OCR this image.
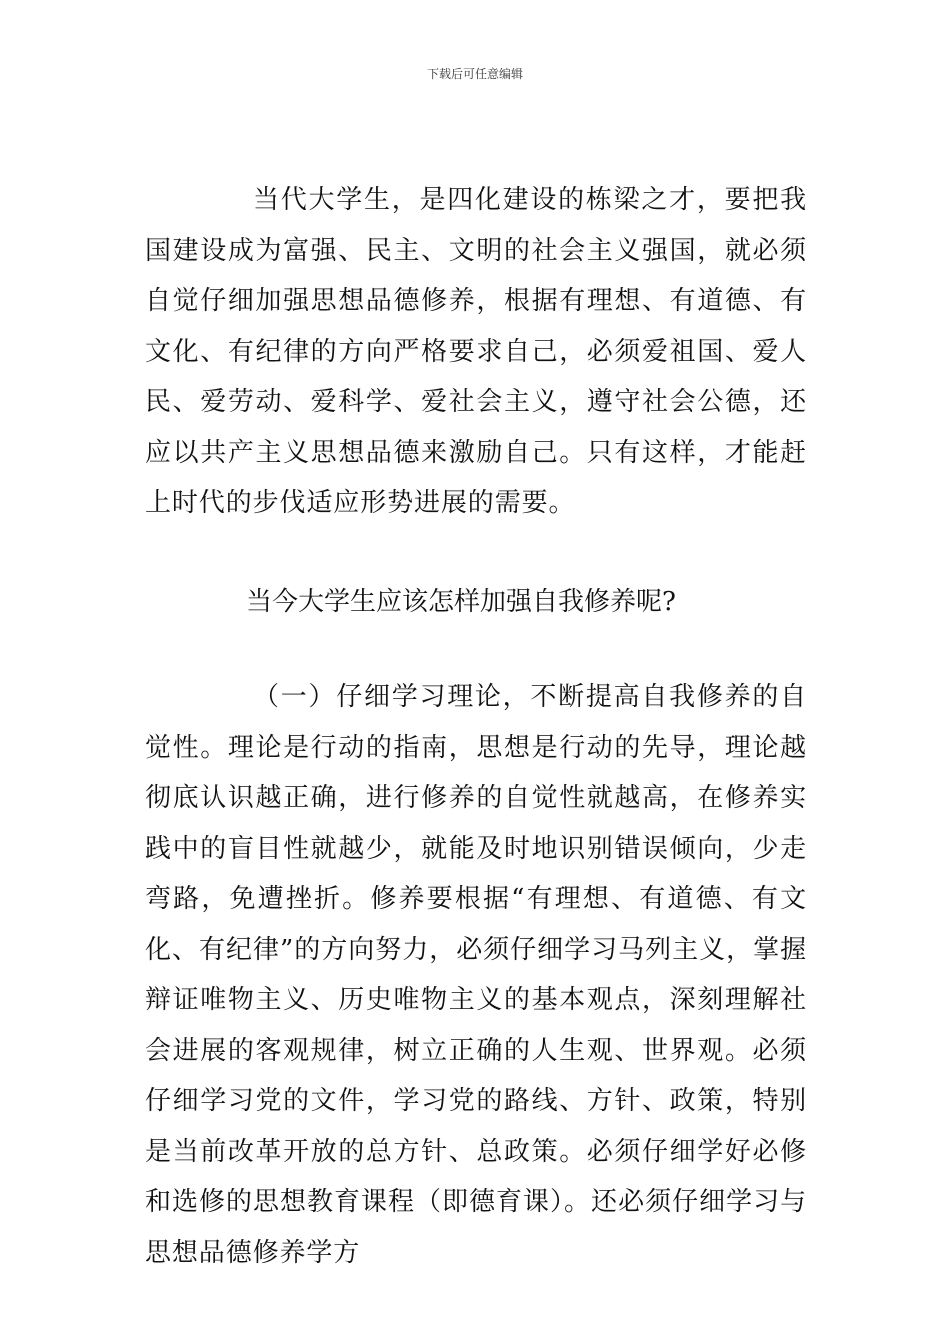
下载后可任意编辑

当代大学生，是四化建设的栋梁之才，要把我国建设成为富强、民主、文明的社会主义强国，就必须自觉仔细加强思想品德修养，根据有理想、有道德、有文化、有纪律的方向严格要求自己，必须爱祖国、爱人民、爱劳动、爱科学、爱社会主义，遵守社会公德，还应以共产主义思想品德来激励自己。只有这样，才能赶上时代的步伐适应形势进展的需要。

当今大学生应该怎样加强自我修养呢?

（一）仔细学习理论，不断提高自我修养的自觉性。理论是行动的指南，思想是行动的先导，理论越彻底认识越正确，进行修养的自觉性就越高，在修养实践中的盲目性就越少，就能及时地识别错误倾向，少走弯路，免遭挫折。修养要根据“有理想、有道德、有文化、有纪律”的方向努力，必须仔细学习马列主义，掌握辩证唯物主义、历史唯物主义的基本观点，深刻理解社会进展的客观规律，树立正确的人生观、世界观。必须仔细学习党的文件，学习党的路线、方针、政策，特别是当前改革开放的总方针、总政策。必须仔细学好必修和选修的思想教育课程（即德育课）。还必须仔细学习与思想品德修养学方
